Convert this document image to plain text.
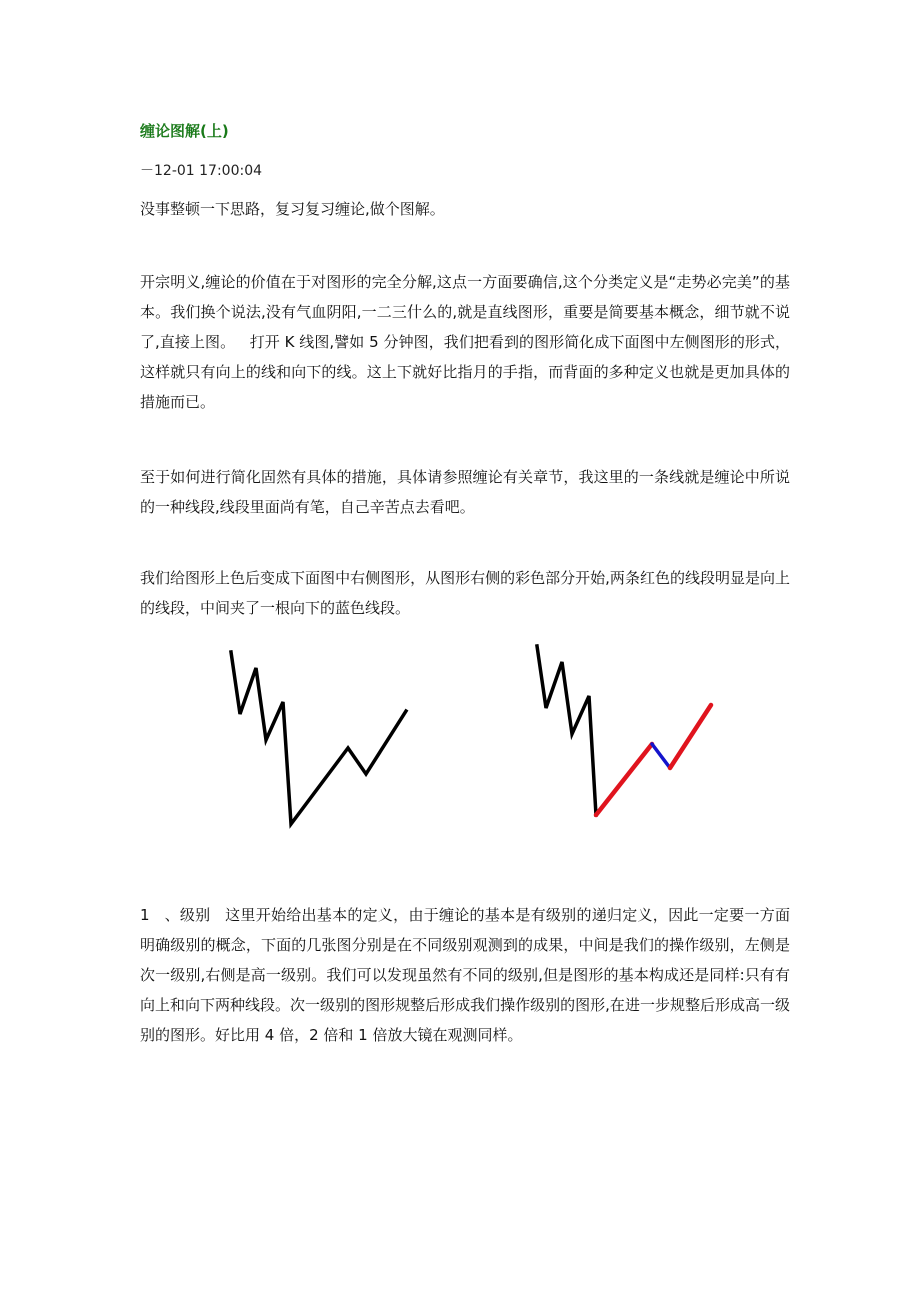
缠论图解(上)
－12-01 17:00:04

没事整顿一下思路，复习复习缠论,做个图解。

开宗明义,缠论的价值在于对图形的完全分解,这点一方面要确信,这个分类定义是“走势必完美”的基本。我们换个说法,没有气血阴阳,一二三什么的,就是直线图形，重要是简要基本概念，细节就不说了,直接上图。ﾠ打开 K 线图,譬如 5 分钟图，我们把看到的图形简化成下面图中左侧图形的形式，这样就只有向上的线和向下的线。这上下就好比指月的手指，而背面的多种定义也就是更加具体的措施而已。

至于如何进行简化固然有具体的措施，具体请参照缠论有关章节，我这里的一条线就是缠论中所说的一种线段,线段里面尚有笔，自己辛苦点去看吧。

我们给图形上色后变成下面图中右侧图形，从图形右侧的彩色部分开始,两条红色的线段明显是向上的线段，中间夹了一根向下的蓝色线段。

1ﾠ、级别ﾠ这里开始给出基本的定义，由于缠论的基本是有级别的递归定义，因此一定要一方面明确级别的概念，下面的几张图分别是在不同级别观测到的成果，中间是我们的操作级别，左侧是次一级别,右侧是高一级别。我们可以发现虽然有不同的级别,但是图形的基本构成还是同样:只有有向上和向下两种线段。次一级别的图形规整后形成我们操作级别的图形,在进一步规整后形成高一级别的图形。好比用 4 倍，2 倍和 1 倍放大镜在观测同样。
